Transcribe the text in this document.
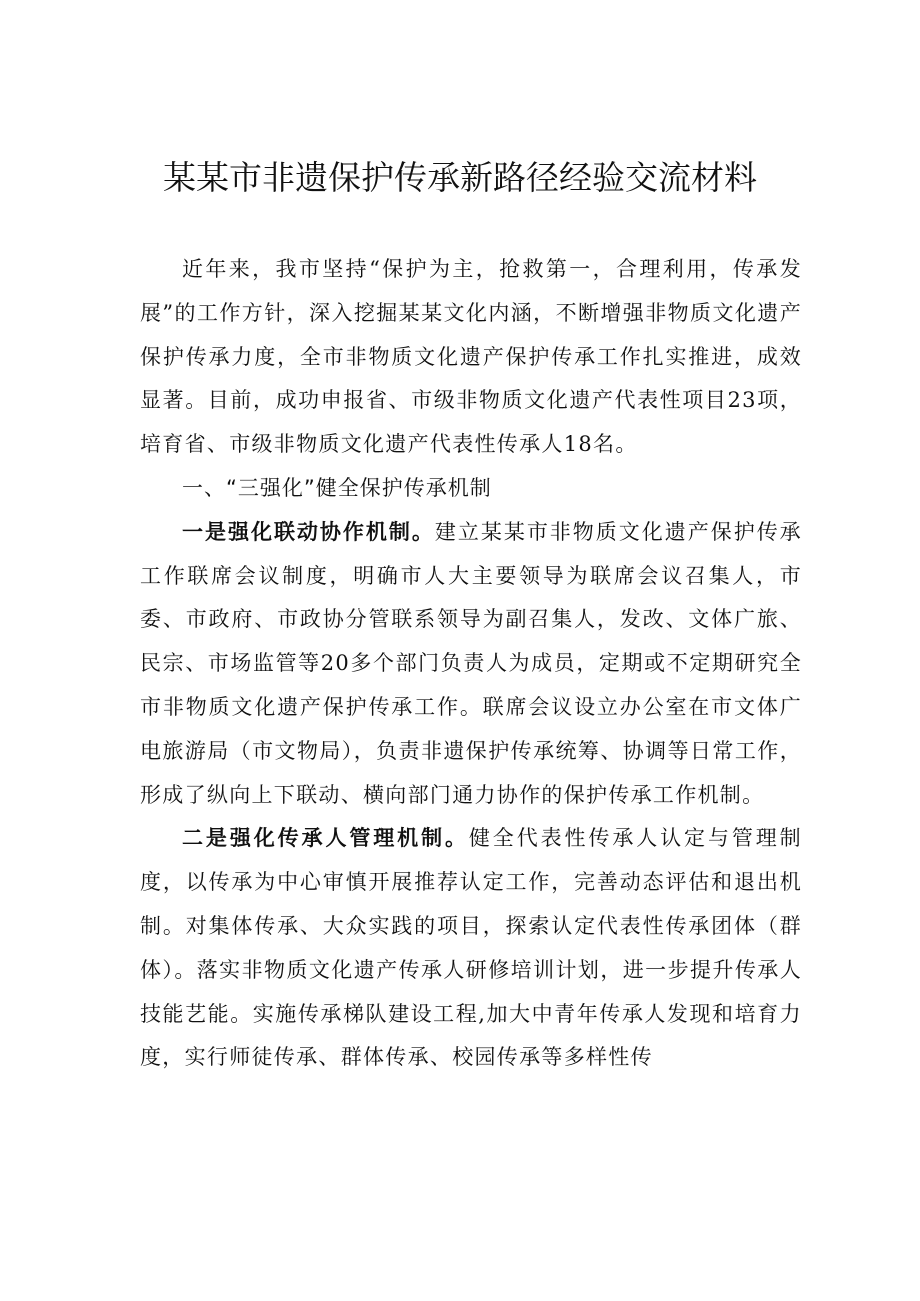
某某市非遗保护传承新路径经验交流材料

近年来，我市坚持“保护为主，抢救第一，合理利用，传承发展”的工作方针，深入挖掘某某文化内涵，不断增强非物质文化遗产保护传承力度，全市非物质文化遗产保护传承工作扎实推进，成效显著。目前，成功申报省、市级非物质文化遗产代表性项目23项，培育省、市级非物质文化遗产代表性传承人18名。

一、“三强化”健全保护传承机制

一是强化联动协作机制。建立某某市非物质文化遗产保护传承工作联席会议制度，明确市人大主要领导为联席会议召集人，市委、市政府、市政协分管联系领导为副召集人，发改、文体广旅、民宗、市场监管等20多个部门负责人为成员，定期或不定期研究全市非物质文化遗产保护传承工作。联席会议设立办公室在市文体广电旅游局（市文物局），负责非遗保护传承统筹、协调等日常工作，形成了纵向上下联动、横向部门通力协作的保护传承工作机制。

二是强化传承人管理机制。健全代表性传承人认定与管理制度，以传承为中心审慎开展推荐认定工作，完善动态评估和退出机制。对集体传承、大众实践的项目，探索认定代表性传承团体（群体）。落实非物质文化遗产传承人研修培训计划，进一步提升传承人技能艺能。实施传承梯队建设工程,加大中青年传承人发现和培育力度，实行师徒传承、群体传承、校园传承等多样性传
